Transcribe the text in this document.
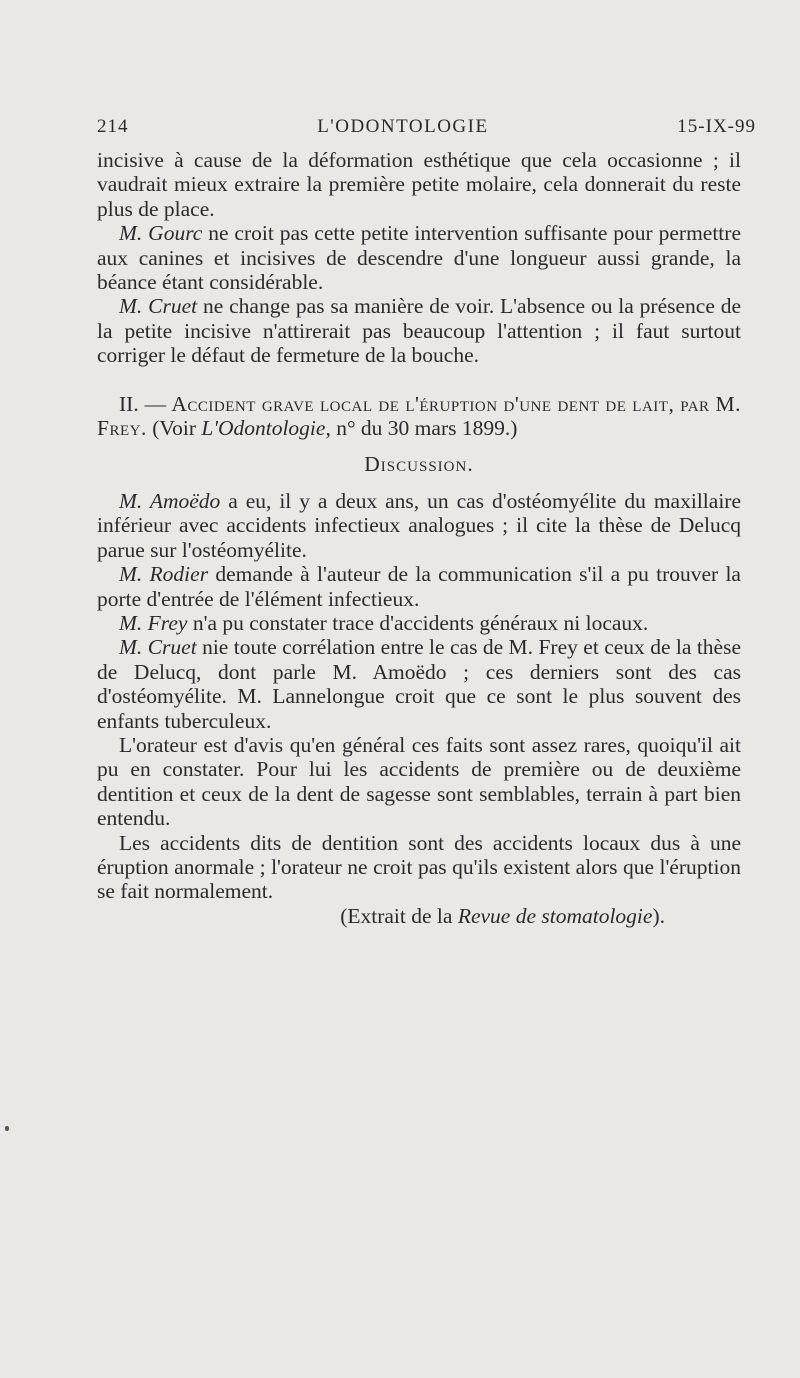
214	L'ODONTOLOGIE	15-IX-99

incisive à cause de la déformation esthétique que cela occasionne ; il vaudrait mieux extraire la première petite molaire, cela donnerait du reste plus de place.

M. Gourc ne croit pas cette petite intervention suffisante pour permettre aux canines et incisives de descendre d'une longueur aussi grande, la béance étant considérable.

M. Cruet ne change pas sa manière de voir. L'absence ou la présence de la petite incisive n'attirerait pas beaucoup l'attention ; il faut surtout corriger le défaut de fermeture de la bouche.

II. — Accident grave local de l'éruption d'une dent de lait, par M. Frey. (Voir L'Odontologie, n° du 30 mars 1899.)

Discussion.

M. Amoëdo a eu, il y a deux ans, un cas d'ostéomyélite du maxillaire inférieur avec accidents infectieux analogues ; il cite la thèse de Delucq parue sur l'ostéomyélite.

M. Rodier demande à l'auteur de la communication s'il a pu trouver la porte d'entrée de l'élément infectieux.

M. Frey n'a pu constater trace d'accidents généraux ni locaux.

M. Cruet nie toute corrélation entre le cas de M. Frey et ceux de la thèse de Delucq, dont parle M. Amoëdo ; ces derniers sont des cas d'ostéomyélite. M. Lannelongue croit que ce sont le plus souvent des enfants tuberculeux.

L'orateur est d'avis qu'en général ces faits sont assez rares, quoiqu'il ait pu en constater. Pour lui les accidents de première ou de deuxième dentition et ceux de la dent de sagesse sont semblables, terrain à part bien entendu.

Les accidents dits de dentition sont des accidents locaux dus à une éruption anormale ; l'orateur ne croit pas qu'ils existent alors que l'éruption se fait normalement.

(Extrait de la Revue de stomatologie).
